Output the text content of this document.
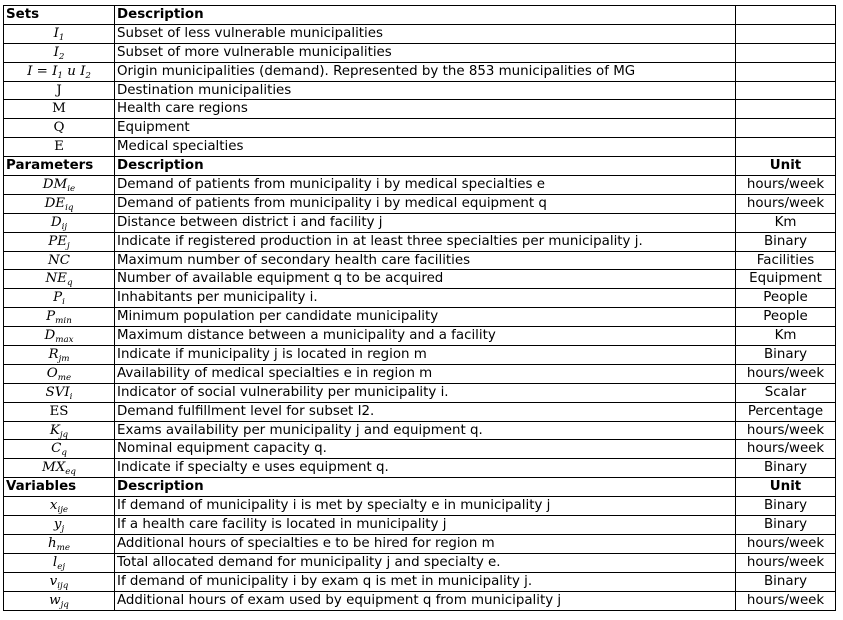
Sets	Description	
$I_1$	Subset of less vulnerable municipalities	
$I_2$	Subset of more vulnerable municipalities	
$I = I_1$ u $I_2$	Origin municipalities (demand). Represented by the 853 municipalities of MG	
J	Destination municipalities	
M	Health care regions	
Q	Equipment	
E	Medical specialties	
Parameters	Description	Unit
$DM_{ie}$	Demand of patients from municipality i by medical specialties e	hours/week
$DE_{iq}$	Demand of patients from municipality i by medical equipment q	hours/week
$D_{ij}$	Distance between district i and facility j	Km
$PE_j$	Indicate if registered production in at least three specialties per municipality j.	Binary
NC	Maximum number of secondary health care facilities	Facilities
$NE_q$	Number of available equipment q to be acquired	Equipment
$P_i$	Inhabitants per municipality i.	People
$P_{min}$	Minimum population per candidate municipality	People
$D_{max}$	Maximum distance between a municipality and a facility	Km
$R_{jm}$	Indicate if municipality j is located in region m	Binary
$O_{me}$	Availability of medical specialties e in region m	hours/week
$SVI_i$	Indicator of social vulnerability per municipality i.	Scalar
ES	Demand fulfillment level for subset I2.	Percentage
$K_{jq}$	Exams availability per municipality j and equipment q.	hours/week
$C_q$	Nominal equipment capacity q.	hours/week
$MX_{eq}$	Indicate if specialty e uses equipment q.	Binary
Variables	Description	Unit
$x_{ije}$	If demand of municipality i is met by specialty e in municipality j	Binary
$y_j$	If a health care facility is located in municipality j	Binary
$h_{me}$	Additional hours of specialties e to be hired for region m	hours/week
$l_{ej}$	Total allocated demand for municipality j and specialty e.	hours/week
$v_{ijq}$	If demand of municipality i by exam q is met in municipality j.	Binary
$w_{jq}$	Additional hours of exam used by equipment q from municipality j	hours/week
